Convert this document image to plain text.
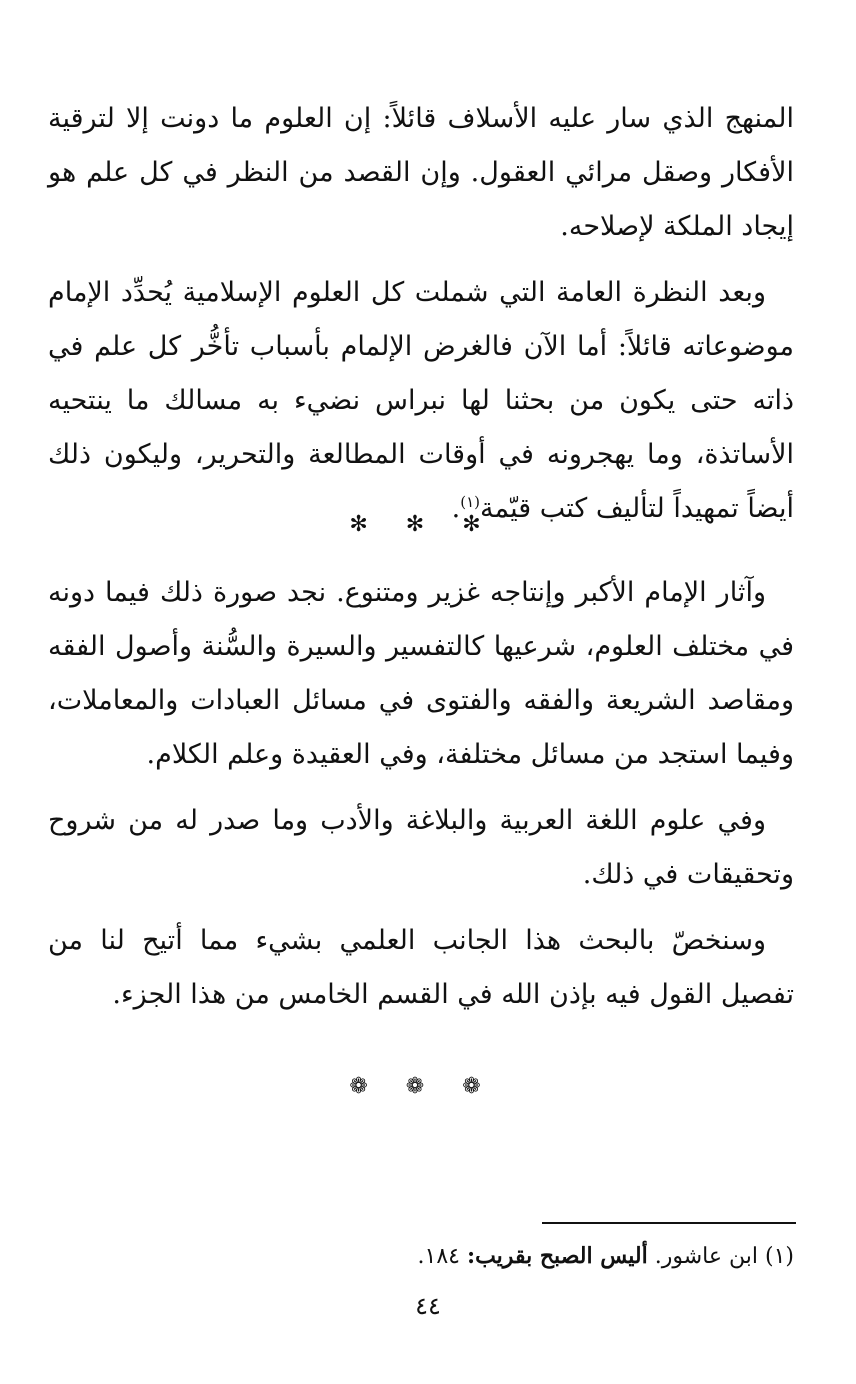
المنهج الذي سار عليه الأسلاف قائلاً: إن العلوم ما دونت إلا لترقية الأفكار وصقل مرائي العقول. وإن القصد من النظر في كل علم هو إيجاد الملكة لإصلاحه.

وبعد النظرة العامة التي شملت كل العلوم الإسلامية يُحدِّد الإمام موضوعاته قائلاً: أما الآن فالغرض الإلمام بأسباب تأخُّر كل علم في ذاته حتى يكون من بحثنا لها نبراس نضيء به مسالك ما ينتحيه الأساتذة، وما يهجرونه في أوقات المطالعة والتحرير، وليكون ذلك أيضاً تمهيداً لتأليف كتب قيّمة$^{(١)}$.

✻ ✻ ✻

وآثار الإمام الأكبر وإنتاجه غزير ومتنوع. نجد صورة ذلك فيما دونه في مختلف العلوم، شرعيها كالتفسير والسيرة والسُّنة وأصول الفقه ومقاصد الشريعة والفقه والفتوى في مسائل العبادات والمعاملات، وفيما استجد من مسائل مختلفة، وفي العقيدة وعلم الكلام.

وفي علوم اللغة العربية والبلاغة والأدب وما صدر له من شروح وتحقيقات في ذلك.

وسنخصّ بالبحث هذا الجانب العلمي بشيء مما أتيح لنا من تفصيل القول فيه بإذن الله في القسم الخامس من هذا الجزء.

❁ ❁ ❁
(١) ابن عاشور. أليس الصبح بقريب: ١٨٤.
٤٤
